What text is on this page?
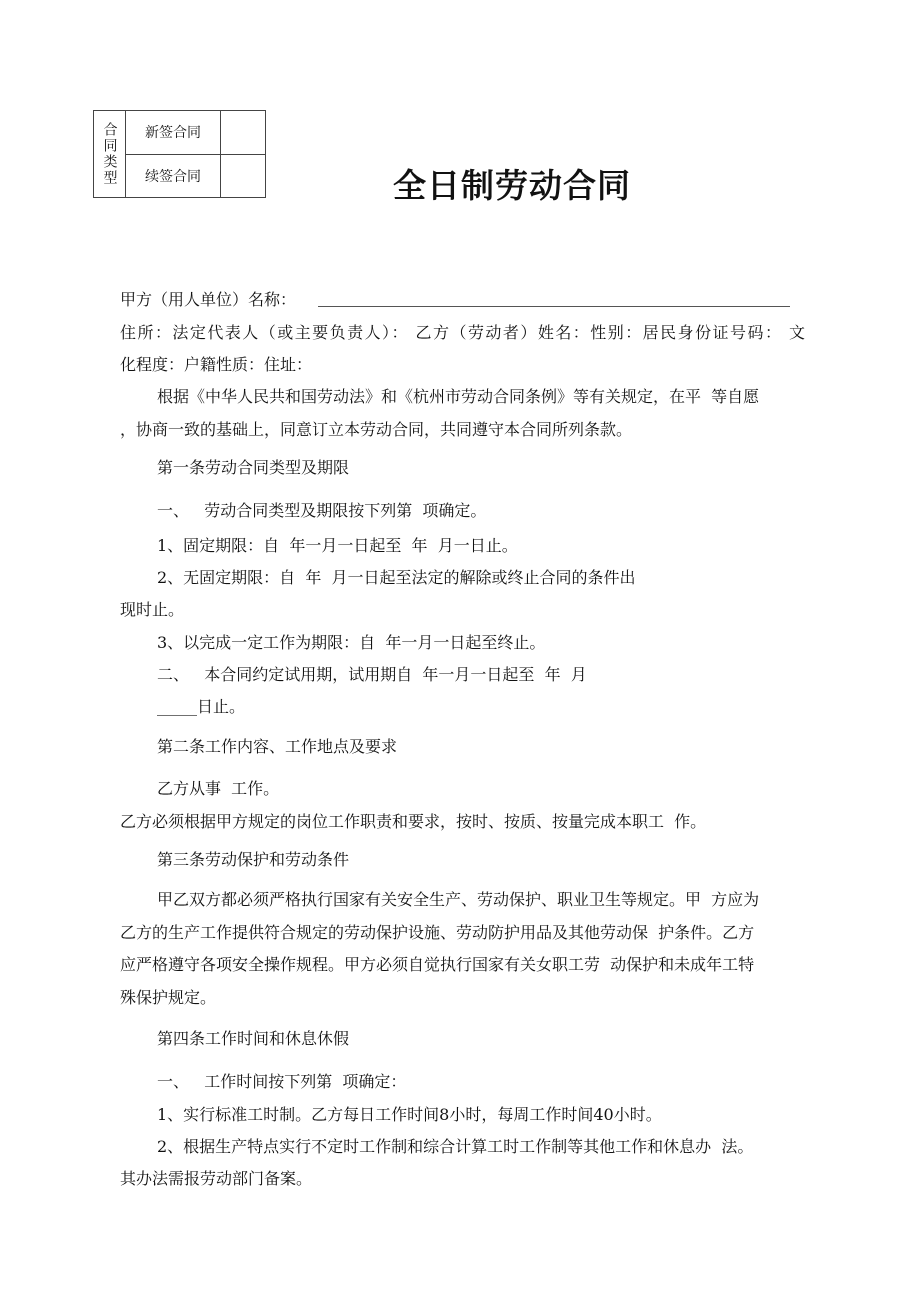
合同类型	新签合同	
	续签合同		全日制劳动合同
甲方（用人单位）名称：
住所：法定代表人（或主要负责人）： 乙方（劳动者）姓名：性别：居民身份证号码： 文
化程度：户籍性质：住址：
根据《中华人民共和国劳动法》和《杭州市劳动合同条例》等有关规定，在平  等自愿
，协商一致的基础上，同意订立本劳动合同，共同遵守本合同所列条款。
第一条劳动合同类型及期限
一、   劳动合同类型及期限按下列第  项确定。
1、固定期限：自  年一月一日起至  年  月一日止。
2、无固定期限：自  年  月一日起至法定的解除或终止合同的条件出
现时止。
3、以完成一定工作为期限：自  年一月一日起至终止。
二、   本合同约定试用期，试用期自  年一月一日起至  年  月
_____日止。
第二条工作内容、工作地点及要求
乙方从事  工作。
乙方必须根据甲方规定的岗位工作职责和要求，按时、按质、按量完成本职工  作。
第三条劳动保护和劳动条件
甲乙双方都必须严格执行国家有关安全生产、劳动保护、职业卫生等规定。甲  方应为
乙方的生产工作提供符合规定的劳动保护设施、劳动防护用品及其他劳动保  护条件。乙方
应严格遵守各项安全操作规程。甲方必须自觉执行国家有关女职工劳  动保护和未成年工特
殊保护规定。
第四条工作时间和休息休假
一、   工作时间按下列第  项确定：
1、实行标准工时制。乙方每日工作时间8小时，每周工作时间40小时。
2、根据生产特点实行不定时工作制和综合计算工时工作制等其他工作和休息办  法。
其办法需报劳动部门备案。
